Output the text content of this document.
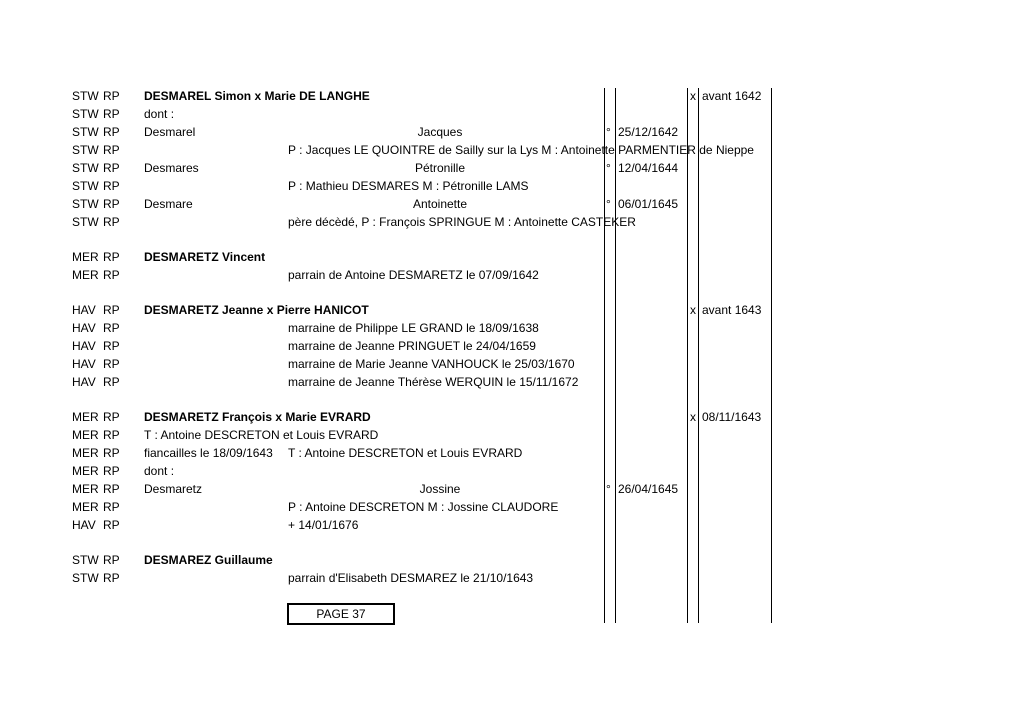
STW RP DESMAREL Simon x Marie DE LANGHE	x avant 1642
STW RP dont :
STW RP Desmarel	Jacques	° 25/12/1642
STW RP	P : Jacques LE QUOINTRE de Sailly sur la Lys M : Antoinette PARMENTIER de Nieppe
STW RP Desmares	Pétronille	° 12/04/1644
STW RP	P : Mathieu DESMARES M : Pétronille LAMS
STW RP Desmare	Antoinette	° 06/01/1645
STW RP	père décèdé, P : François SPRINGUE M : Antoinette CASTEKER
MER RP DESMARETZ Vincent
MER RP	parrain de Antoine DESMARETZ le 07/09/1642
HAV RP DESMARETZ Jeanne x Pierre HANICOT	x avant 1643
HAV RP	marraine de Philippe LE GRAND le 18/09/1638
HAV RP	marraine de Jeanne PRINGUET le 24/04/1659
HAV RP	marraine de Marie Jeanne VANHOUCK le 25/03/1670
HAV RP	marraine de Jeanne Thérèse WERQUIN le 15/11/1672
MER RP DESMARETZ François x Marie EVRARD	x 08/11/1643
MER RP T : Antoine DESCRETON et Louis EVRARD
MER RP fiancailles le 18/09/1643 T : Antoine DESCRETON et Louis EVRARD
MER RP dont :
MER RP Desmaretz	Jossine	° 26/04/1645
MER RP	P : Antoine DESCRETON M : Jossine CLAUDORE
HAV RP	+ 14/01/1676
STW RP DESMAREZ Guillaume
STW RP	parrain d'Elisabeth DESMAREZ le 21/10/1643
PAGE 37
